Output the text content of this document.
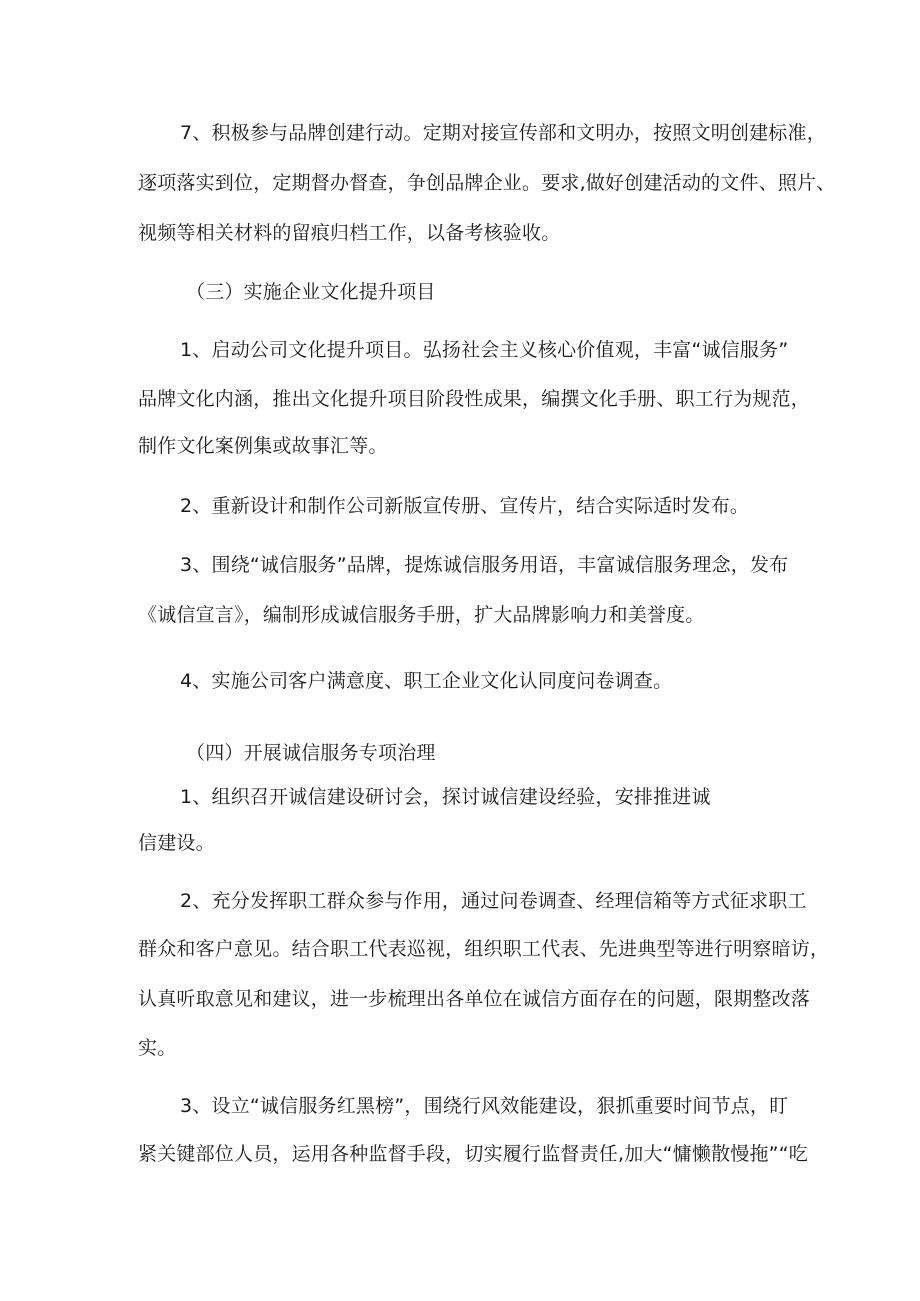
7、积极参与品牌创建行动。定期对接宣传部和文明办，按照文明创建标准，
逐项落实到位，定期督办督查，争创品牌企业。要求,做好创建活动的文件、照片、
视频等相关材料的留痕归档工作，以备考核验收。
（三）实施企业文化提升项目
1、启动公司文化提升项目。弘扬社会主义核心价值观，丰富“诚信服务”
品牌文化内涵，推出文化提升项目阶段性成果，编撰文化手册、职工行为规范，
制作文化案例集或故事汇等。
2、重新设计和制作公司新版宣传册、宣传片，结合实际适时发布。
3、围绕“诚信服务”品牌，提炼诚信服务用语，丰富诚信服务理念，发布
《诚信宣言》，编制形成诚信服务手册，扩大品牌影响力和美誉度。
4、实施公司客户满意度、职工企业文化认同度问卷调查。
（四）开展诚信服务专项治理
1、组织召开诚信建设研讨会，探讨诚信建设经验，安排推进诚
信建设。
2、充分发挥职工群众参与作用，通过问卷调查、经理信箱等方式征求职工
群众和客户意见。结合职工代表巡视，组织职工代表、先进典型等进行明察暗访，
认真听取意见和建议，进一步梳理出各单位在诚信方面存在的问题，限期整改落
实。
3、设立“诚信服务红黑榜”，围绕行风效能建设，狠抓重要时间节点，盯
紧关键部位人员，运用各种监督手段，切实履行监督责任,加大“慵懒散慢拖”“吃
